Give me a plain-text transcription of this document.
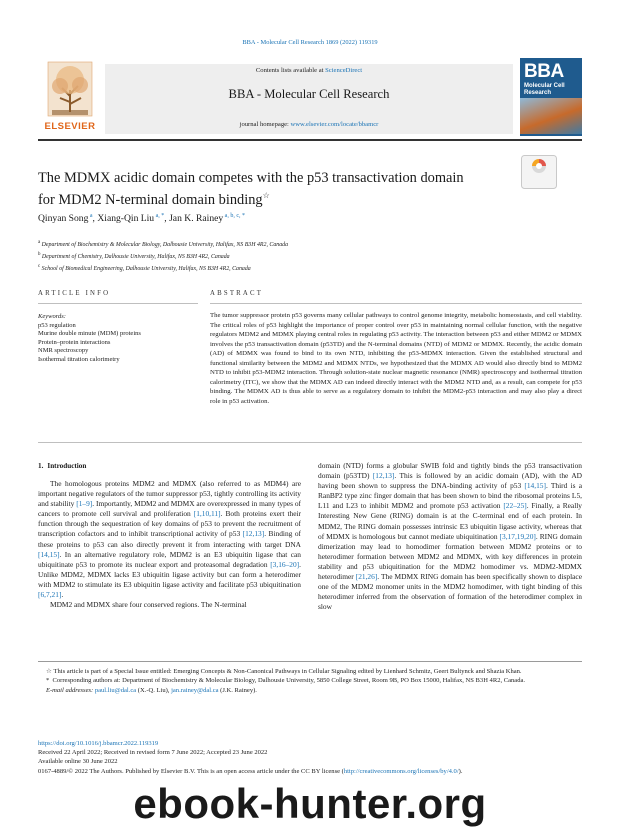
BBA - Molecular Cell Research 1869 (2022) 119319
Contents lists available at ScienceDirect
BBA - Molecular Cell Research
journal homepage: www.elsevier.com/locate/bbamcr
ELSEVIER
BBA
Molecular Cell Research
The MDMX acidic domain competes with the p53 transactivation domain
for MDM2 N-terminal domain binding☆
Qinyan Song $^a$, Xiang-Qin Liu $^{a, *}$, Jan K. Rainey $^{a, b, c, *}$
$^a$ Department of Biochemistry & Molecular Biology, Dalhousie University, Halifax, NS B3H 4R2, Canada
$^b$ Department of Chemistry, Dalhousie University, Halifax, NS B3H 4R2, Canada
$^c$ School of Biomedical Engineering, Dalhousie University, Halifax, NS B3H 4R2, Canada
ARTICLE INFO	ABSTRACT
Keywords:
p53 regulation
Murine double minute (MDM) proteins
Protein–protein interactions
NMR spectroscopy
Isothermal titration calorimetry
The tumor suppressor protein p53 governs many cellular pathways to control genome integrity, metabolic homeostasis, and cell viability. The critical roles of p53 highlight the importance of proper control over p53 in maintaining normal cellular function, with the negative regulators MDM2 and MDMX playing central roles in regulating p53 activity. The interaction between p53 and either MDM2 or MDMX involves the p53 transactivation domain (p53TD) and the N-terminal domains (NTD) of MDM2 or MDMX. Recently, the acidic domain (AD) of MDMX was found to bind to its own NTD, inhibiting the p53-MDMX interaction. Given the established structural and functional similarity between the MDM2 and MDMX NTDs, we hypothesized that the MDMX AD would also directly bind to MDM2 NTD to inhibit p53-MDM2 interaction. Through solution-state nuclear magnetic resonance (NMR) spectroscopy and isothermal titration calorimetry (ITC), we show that the MDMX AD can indeed directly interact with the MDM2 NTD and, as a result, can compete for p53 binding. The MDMX AD is thus able to serve as a regulatory domain to inhibit the MDM2-p53 interaction and may also play a direct role in p53 activation.
1. Introduction

The homologous proteins MDM2 and MDMX (also referred to as MDM4) are important negative regulators of the tumor suppressor p53, tightly controlling its activity and stability [1–9]. Importantly, MDM2 and MDMX are overexpressed in many types of cancers to promote cell survival and proliferation [1,10,11]. Both proteins exert their function through the sequestration of key domains of p53 to prevent the recruitment of transcription cofactors and to inhibit transcriptional activity of p53 [12,13]. Binding of these proteins to p53 can also directly prevent it from interacting with target DNA [14,15]. In an alternative regulatory role, MDM2 is an E3 ubiquitin ligase that can ubiquitinate p53 to promote its nuclear export and proteasomal degradation [3,16–20]. Unlike MDM2, MDMX lacks E3 ubiquitin ligase activity but can form a heterodimer with MDM2 to stimulate its E3 ubiquitin ligase activity and facilitate p53 ubiquitination [6,7,21].

MDM2 and MDMX share four conserved regions. The N-terminal

domain (NTD) forms a globular SWIB fold and tightly binds the p53 transactivation domain (p53TD) [12,13]. This is followed by an acidic domain (AD), with the AD having been shown to suppress the DNA-binding activity of p53 [14,15]. Third is a RanBP2 type zinc finger domain that has been shown to bind the ribosomal proteins L5, L11 and L23 to inhibit MDM2 and promote p53 activation [22–25]. Finally, a Really Interesting New Gene (RING) domain is at the C-terminal end of each protein. In MDM2, The RING domain possesses intrinsic E3 ubiquitin ligase activity, whereas that of MDMX is homologous but cannot mediate ubiquitination [3,17,19,20]. RING domain dimerization may lead to homodimer formation between MDM2 proteins or to heterodimer formation between MDM2 and MDMX, with key differences in protein stability and p53 ubiquitination for the MDM2 homodimer vs. MDM2-MDMX heterodimer [21,26]. The MDMX RING domain has been specifically shown to displace one of the MDM2 monomer units in the MDM2 homodimer, with tight binding of this heterodimer inferred from the observation of formation of the heterodimer complex in slow

☆ This article is part of a Special Issue entitled: Emerging Concepts & Non-Canonical Pathways in Cellular Signaling edited by Lienhard Schmitz, Geert Bultynck and Shazia Khan.
*  Corresponding authors at: Department of Biochemistry & Molecular Biology, Dalhousie University, 5850 College Street, Room 9B, PO Box 15000, Halifax, NS B3H 4R2, Canada.
E-mail addresses: paul.liu@dal.ca (X.-Q. Liu), jan.rainey@dal.ca (J.K. Rainey).
https://doi.org/10.1016/j.bbamcr.2022.119319
Received 22 April 2022; Received in revised form 7 June 2022; Accepted 23 June 2022
Available online 30 June 2022
0167-4889/© 2022 The Authors. Published by Elsevier B.V. This is an open access article under the CC BY license (http://creativecommons.org/licenses/by/4.0/).
ebook-hunter.org
